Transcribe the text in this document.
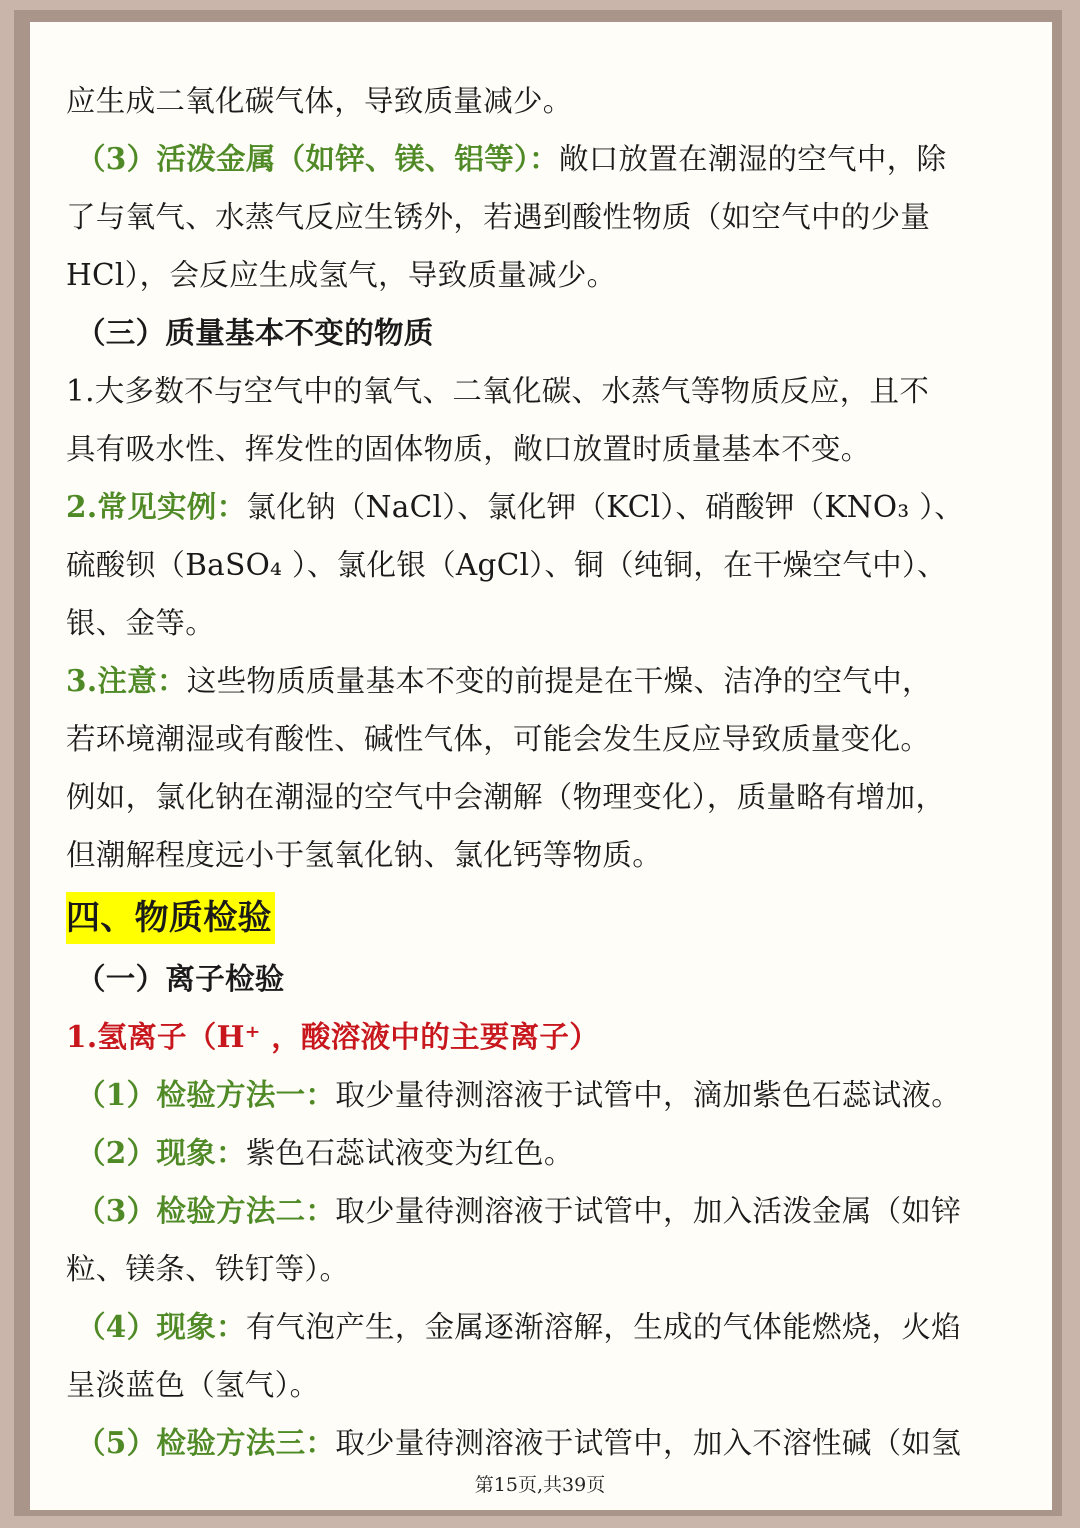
应生成二氧化碳气体，导致质量减少。
（3）活泼金属（如锌、镁、铝等）：敞口放置在潮湿的空气中，除
了与氧气、水蒸气反应生锈外，若遇到酸性物质（如空气中的少量
HCl），会反应生成氢气，导致质量减少。
（三）质量基本不变的物质
1.大多数不与空气中的氧气、二氧化碳、水蒸气等物质反应，且不
具有吸水性、挥发性的固体物质，敞口放置时质量基本不变。
2.常见实例：氯化钠（NaCl）、氯化钾（KCl）、硝酸钾（KNO₃ ）、
硫酸钡（BaSO₄ ）、氯化银（AgCl）、铜（纯铜，在干燥空气中）、
银、金等。
3.注意：这些物质质量基本不变的前提是在干燥、洁净的空气中，
若环境潮湿或有酸性、碱性气体，可能会发生反应导致质量变化。
例如，氯化钠在潮湿的空气中会潮解（物理变化），质量略有增加，
但潮解程度远小于氢氧化钠、氯化钙等物质。
四、物质检验
（一）离子检验
1.氢离子（H⁺ ，酸溶液中的主要离子）
（1）检验方法一：取少量待测溶液于试管中，滴加紫色石蕊试液。
（2）现象：紫色石蕊试液变为红色。
（3）检验方法二：取少量待测溶液于试管中，加入活泼金属（如锌
粒、镁条、铁钉等）。
（4）现象：有气泡产生，金属逐渐溶解，生成的气体能燃烧，火焰
呈淡蓝色（氢气）。
（5）检验方法三：取少量待测溶液于试管中，加入不溶性碱（如氢
第15页,共39页
